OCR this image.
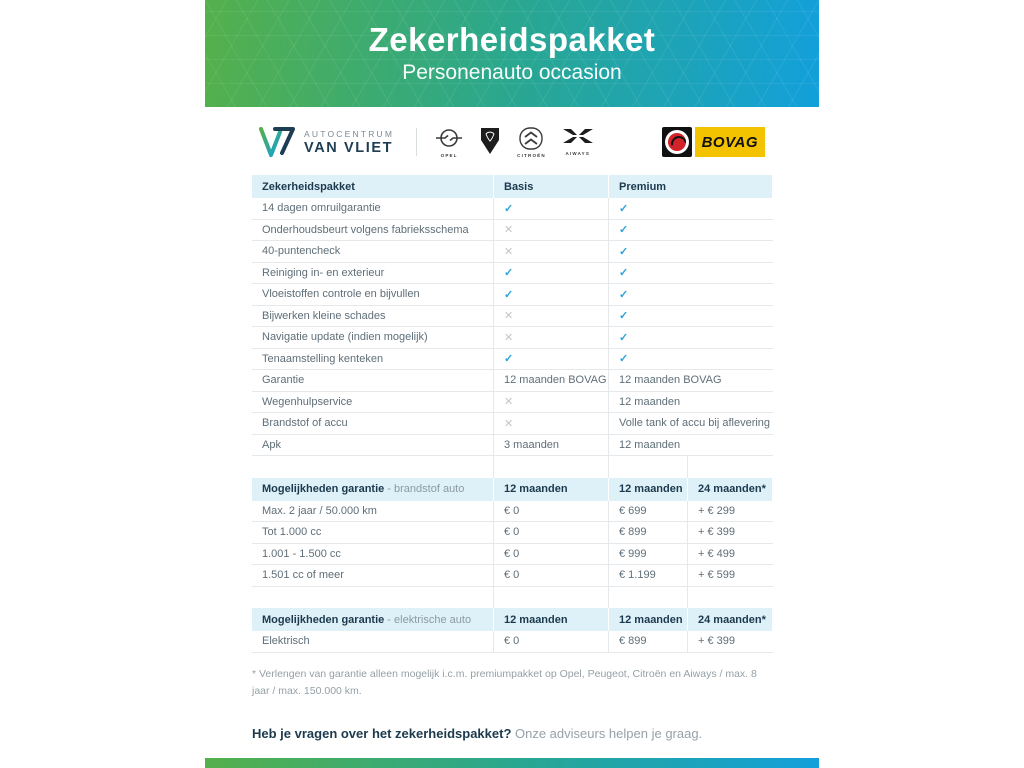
Zekerheidspakket
Personenauto occasion
AUTOCENTRUM
VAN VLIET	OPEL	CITROËN	AIWAYS
BOVAG
Zekerheidspakket	Basis	Premium
14 dagen omruilgarantie	✓	✓
Onderhoudsbeurt volgens fabrieksschema	✕	✓
40-puntencheck	✕	✓
Reiniging in- en exterieur	✓	✓
Vloeistoffen controle en bijvullen	✓	✓
Bijwerken kleine schades	✕	✓
Navigatie update (indien mogelijk)	✕	✓
Tenaamstelling kenteken	✓	✓
Garantie	12 maanden BOVAG	12 maanden BOVAG
Wegenhulpservice	✕	12 maanden
Brandstof of accu	✕	Volle tank of accu bij aflevering
Apk	3 maanden	12 maanden
Mogelijkheden garantie - brandstof auto	12 maanden	12 maanden	24 maanden*
Max. 2 jaar / 50.000 km	€ 0	€ 699	+ € 299
Tot 1.000 cc	€ 0	€ 899	+ € 399
1.001 - 1.500 cc	€ 0	€ 999	+ € 499
1.501 cc of meer	€ 0	€ 1.199	+ € 599
Mogelijkheden garantie - elektrische auto	12 maanden	12 maanden	24 maanden*
Elektrisch	€ 0	€ 899	+ € 399
* Verlengen van garantie alleen mogelijk i.c.m. premiumpakket op Opel, Peugeot, Citroën en Aiways / max. 8 jaar / max. 150.000 km.
Heb je vragen over het zekerheidspakket? Onze adviseurs helpen je graag.
